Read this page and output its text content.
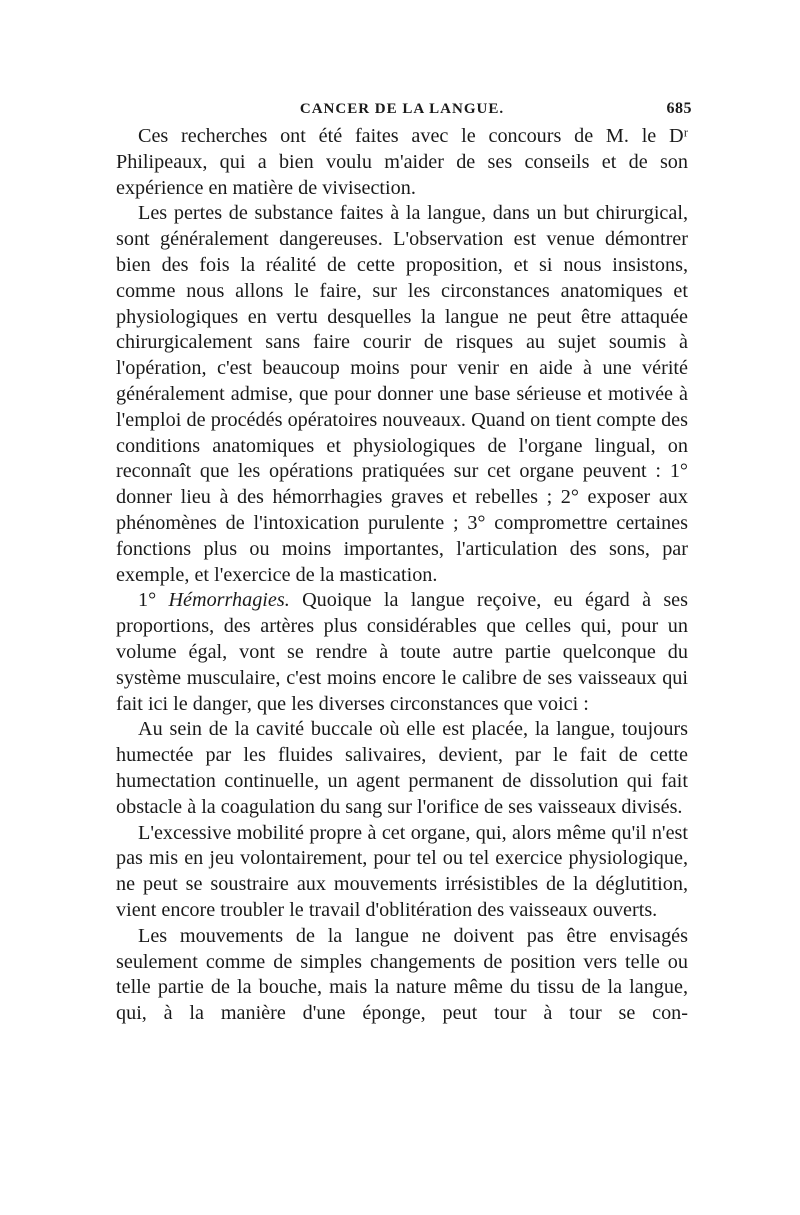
CANCER DE LA LANGUE.	685

Ces recherches ont été faites avec le concours de M. le Dʳ Philipeaux, qui a bien voulu m'aider de ses conseils et de son expérience en matière de vivisection.

Les pertes de substance faites à la langue, dans un but chirurgical, sont généralement dangereuses. L'observation est venue démontrer bien des fois la réalité de cette proposition, et si nous insistons, comme nous allons le faire, sur les circonstances anatomiques et physiologiques en vertu desquelles la langue ne peut être attaquée chirurgicalement sans faire courir de risques au sujet soumis à l'opération, c'est beaucoup moins pour venir en aide à une vérité généralement admise, que pour donner une base sérieuse et motivée à l'emploi de procédés opératoires nouveaux. Quand on tient compte des conditions anatomiques et physiologiques de l'organe lingual, on reconnaît que les opérations pratiquées sur cet organe peuvent : 1° donner lieu à des hémorrhagies graves et rebelles ; 2° exposer aux phénomènes de l'intoxication purulente ; 3° compromettre certaines fonctions plus ou moins importantes, l'articulation des sons, par exemple, et l'exercice de la mastication.

1° Hémorrhagies. Quoique la langue reçoive, eu égard à ses proportions, des artères plus considérables que celles qui, pour un volume égal, vont se rendre à toute autre partie quelconque du système musculaire, c'est moins encore le calibre de ses vaisseaux qui fait ici le danger, que les diverses circonstances que voici :

Au sein de la cavité buccale où elle est placée, la langue, toujours humectée par les fluides salivaires, devient, par le fait de cette humectation continuelle, un agent permanent de dissolution qui fait obstacle à la coagulation du sang sur l'orifice de ses vaisseaux divisés.

L'excessive mobilité propre à cet organe, qui, alors même qu'il n'est pas mis en jeu volontairement, pour tel ou tel exercice physiologique, ne peut se soustraire aux mouvements irrésistibles de la déglutition, vient encore troubler le travail d'oblitération des vaisseaux ouverts.

Les mouvements de la langue ne doivent pas être envisagés seulement comme de simples changements de position vers telle ou telle partie de la bouche, mais la nature même du tissu de la langue, qui, à la manière d'une éponge, peut tour à tour se con-
